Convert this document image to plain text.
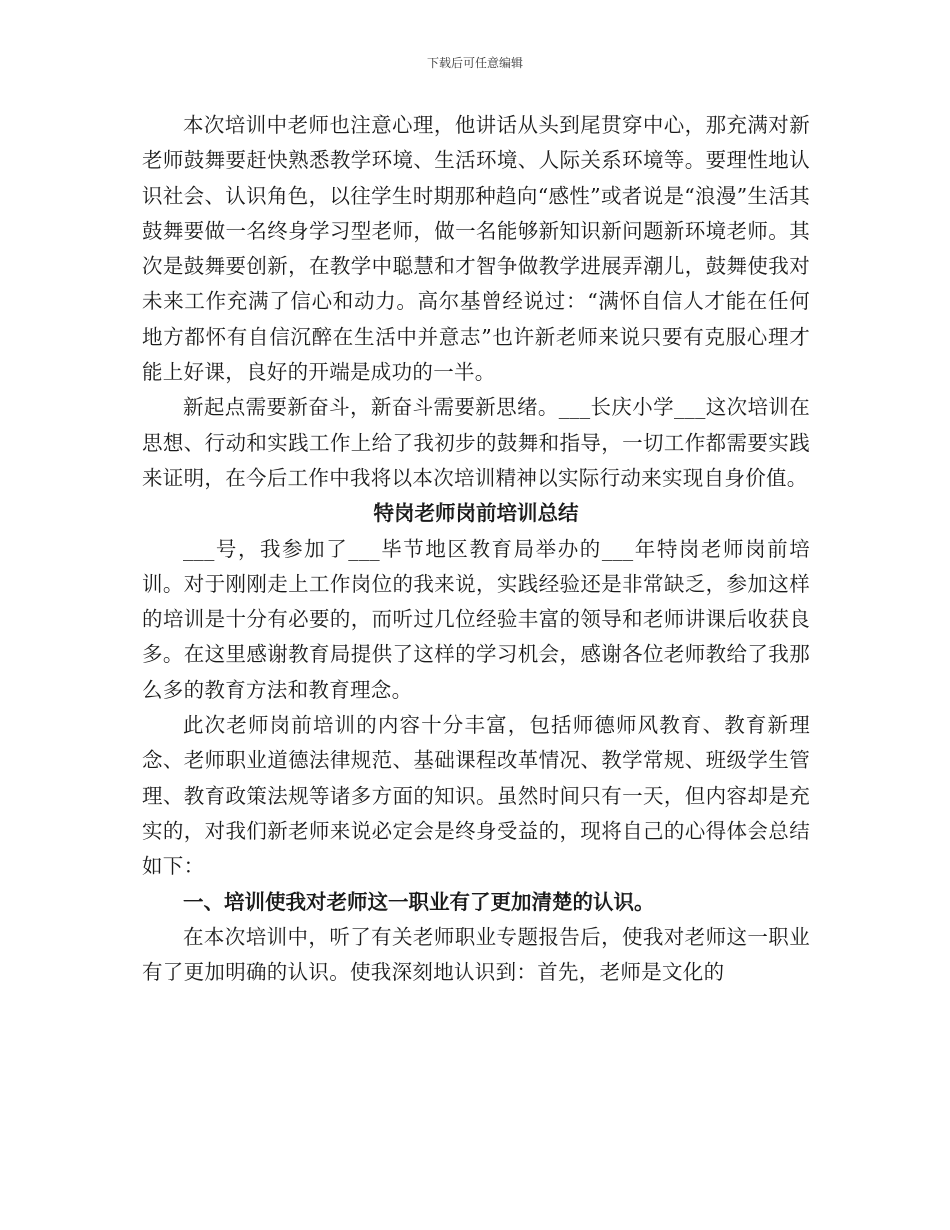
下载后可任意编辑

本次培训中老师也注意心理，他讲话从头到尾贯穿中心，那充满对新老师鼓舞要赶快熟悉教学环境、生活环境、人际关系环境等。要理性地认识社会、认识角色，以往学生时期那种趋向“感性”或者说是“浪漫”生活其鼓舞要做一名终身学习型老师，做一名能够新知识新问题新环境老师。其次是鼓舞要创新，在教学中聪慧和才智争做教学进展弄潮儿，鼓舞使我对未来工作充满了信心和动力。高尔基曾经说过：“满怀自信人才能在任何地方都怀有自信沉醉在生活中并意志”也许新老师来说只要有克服心理才能上好课，良好的开端是成功的一半。

新起点需要新奋斗，新奋斗需要新思绪。___长庆小学___这次培训在思想、行动和实践工作上给了我初步的鼓舞和指导，一切工作都需要实践来证明，在今后工作中我将以本次培训精神以实际行动来实现自身价值。

特岗老师岗前培训总结

___号，我参加了___毕节地区教育局举办的___年特岗老师岗前培训。对于刚刚走上工作岗位的我来说，实践经验还是非常缺乏，参加这样的培训是十分有必要的，而听过几位经验丰富的领导和老师讲课后收获良多。在这里感谢教育局提供了这样的学习机会，感谢各位老师教给了我那么多的教育方法和教育理念。

此次老师岗前培训的内容十分丰富，包括师德师风教育、教育新理念、老师职业道德法律规范、基础课程改革情况、教学常规、班级学生管理、教育政策法规等诸多方面的知识。虽然时间只有一天，但内容却是充实的，对我们新老师来说必定会是终身受益的，现将自己的心得体会总结如下：

一、培训使我对老师这一职业有了更加清楚的认识。

在本次培训中，听了有关老师职业专题报告后，使我对老师这一职业有了更加明确的认识。使我深刻地认识到：首先，老师是文化的
